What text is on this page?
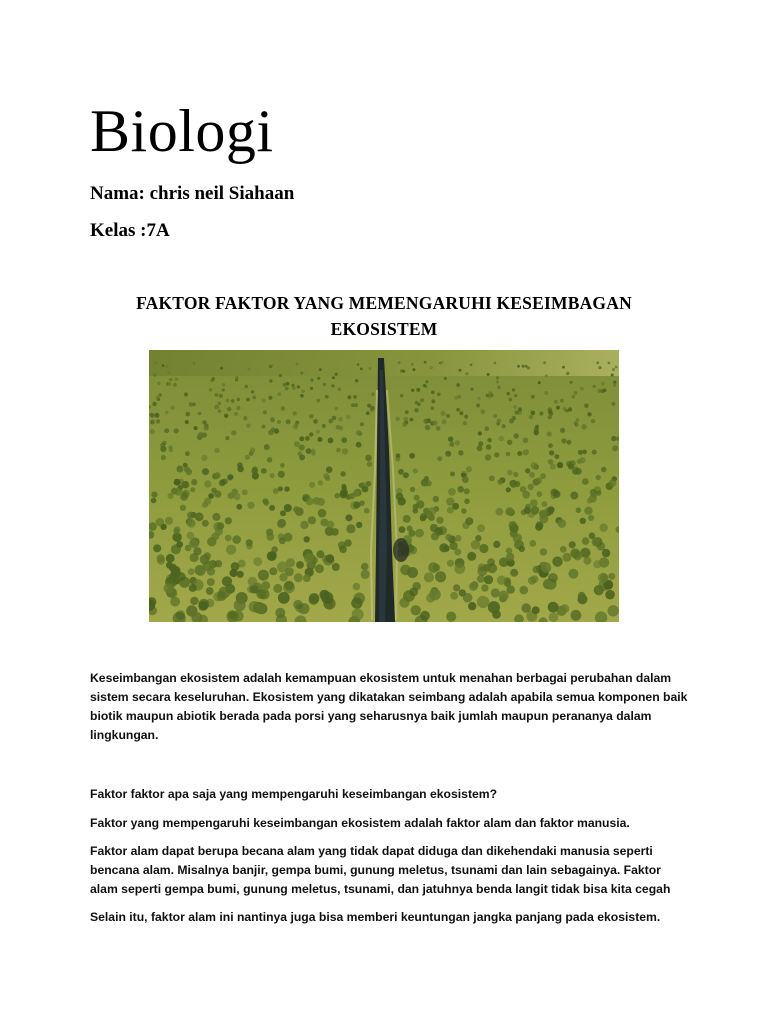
Biologi

Nama: chris neil Siahaan

Kelas :7A

FAKTOR FAKTOR YANG MEMENGARUHI KESEIMBAGAN
EKOSISTEM

Keseimbangan ekosistem adalah kemampuan ekosistem untuk menahan berbagai perubahan dalam sistem secara keseluruhan. Ekosistem yang dikatakan seimbang adalah apabila semua komponen baik biotik maupun abiotik berada pada porsi yang seharusnya baik jumlah maupun perananya dalam lingkungan.

Faktor faktor apa saja yang mempengaruhi keseimbangan ekosistem?

Faktor yang mempengaruhi keseimbangan ekosistem adalah faktor alam dan faktor manusia.

Faktor alam dapat berupa becana alam yang tidak dapat diduga dan dikehendaki manusia seperti bencana alam. Misalnya banjir, gempa bumi, gunung meletus, tsunami dan lain sebagainya. Faktor alam seperti gempa bumi, gunung meletus, tsunami, dan jatuhnya benda langit tidak bisa kita cegah

Selain itu, faktor alam ini nantinya juga bisa memberi keuntungan jangka panjang pada ekosistem.
